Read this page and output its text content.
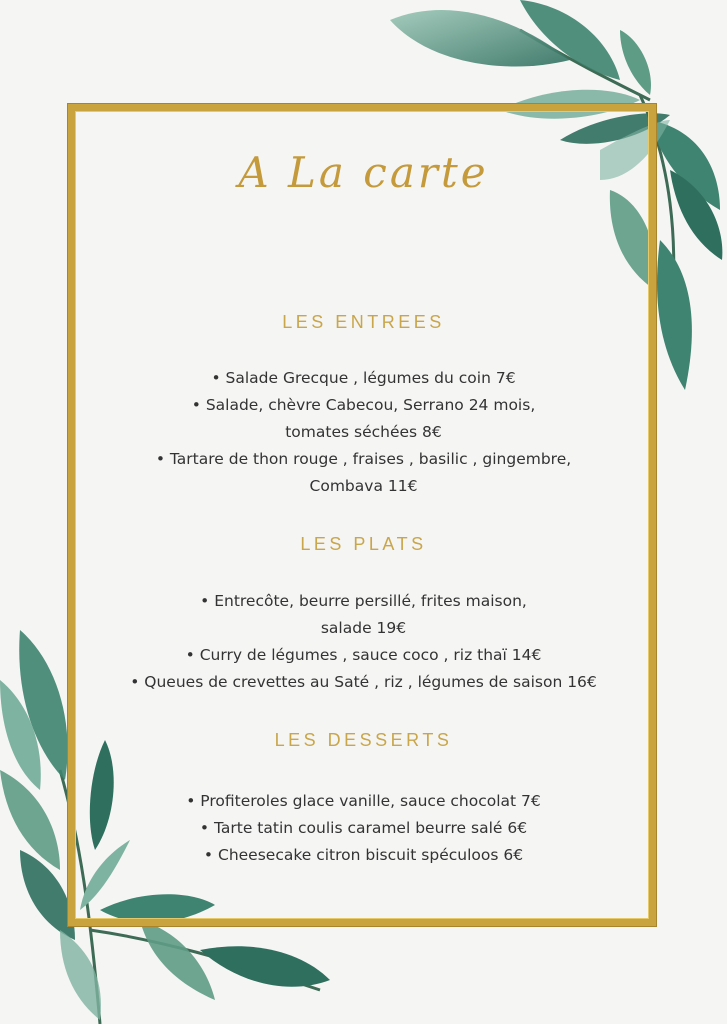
A La carte
LES ENTREES
• Salade Grecque , légumes du coin 7€
• Salade, chèvre Cabecou, Serrano 24 mois,
tomates séchées 8€
• Tartare de thon rouge , fraises , basilic , gingembre,
Combava 11€
LES PLATS
• Entrecôte, beurre persillé, frites maison,
salade 19€
• Curry de légumes , sauce coco , riz thaï 14€
• Queues de crevettes au Saté , riz , légumes de saison 16€
LES DESSERTS
• Profiteroles glace vanille, sauce chocolat 7€
• Tarte tatin coulis caramel beurre salé 6€
• Cheesecake citron biscuit spéculoos 6€
